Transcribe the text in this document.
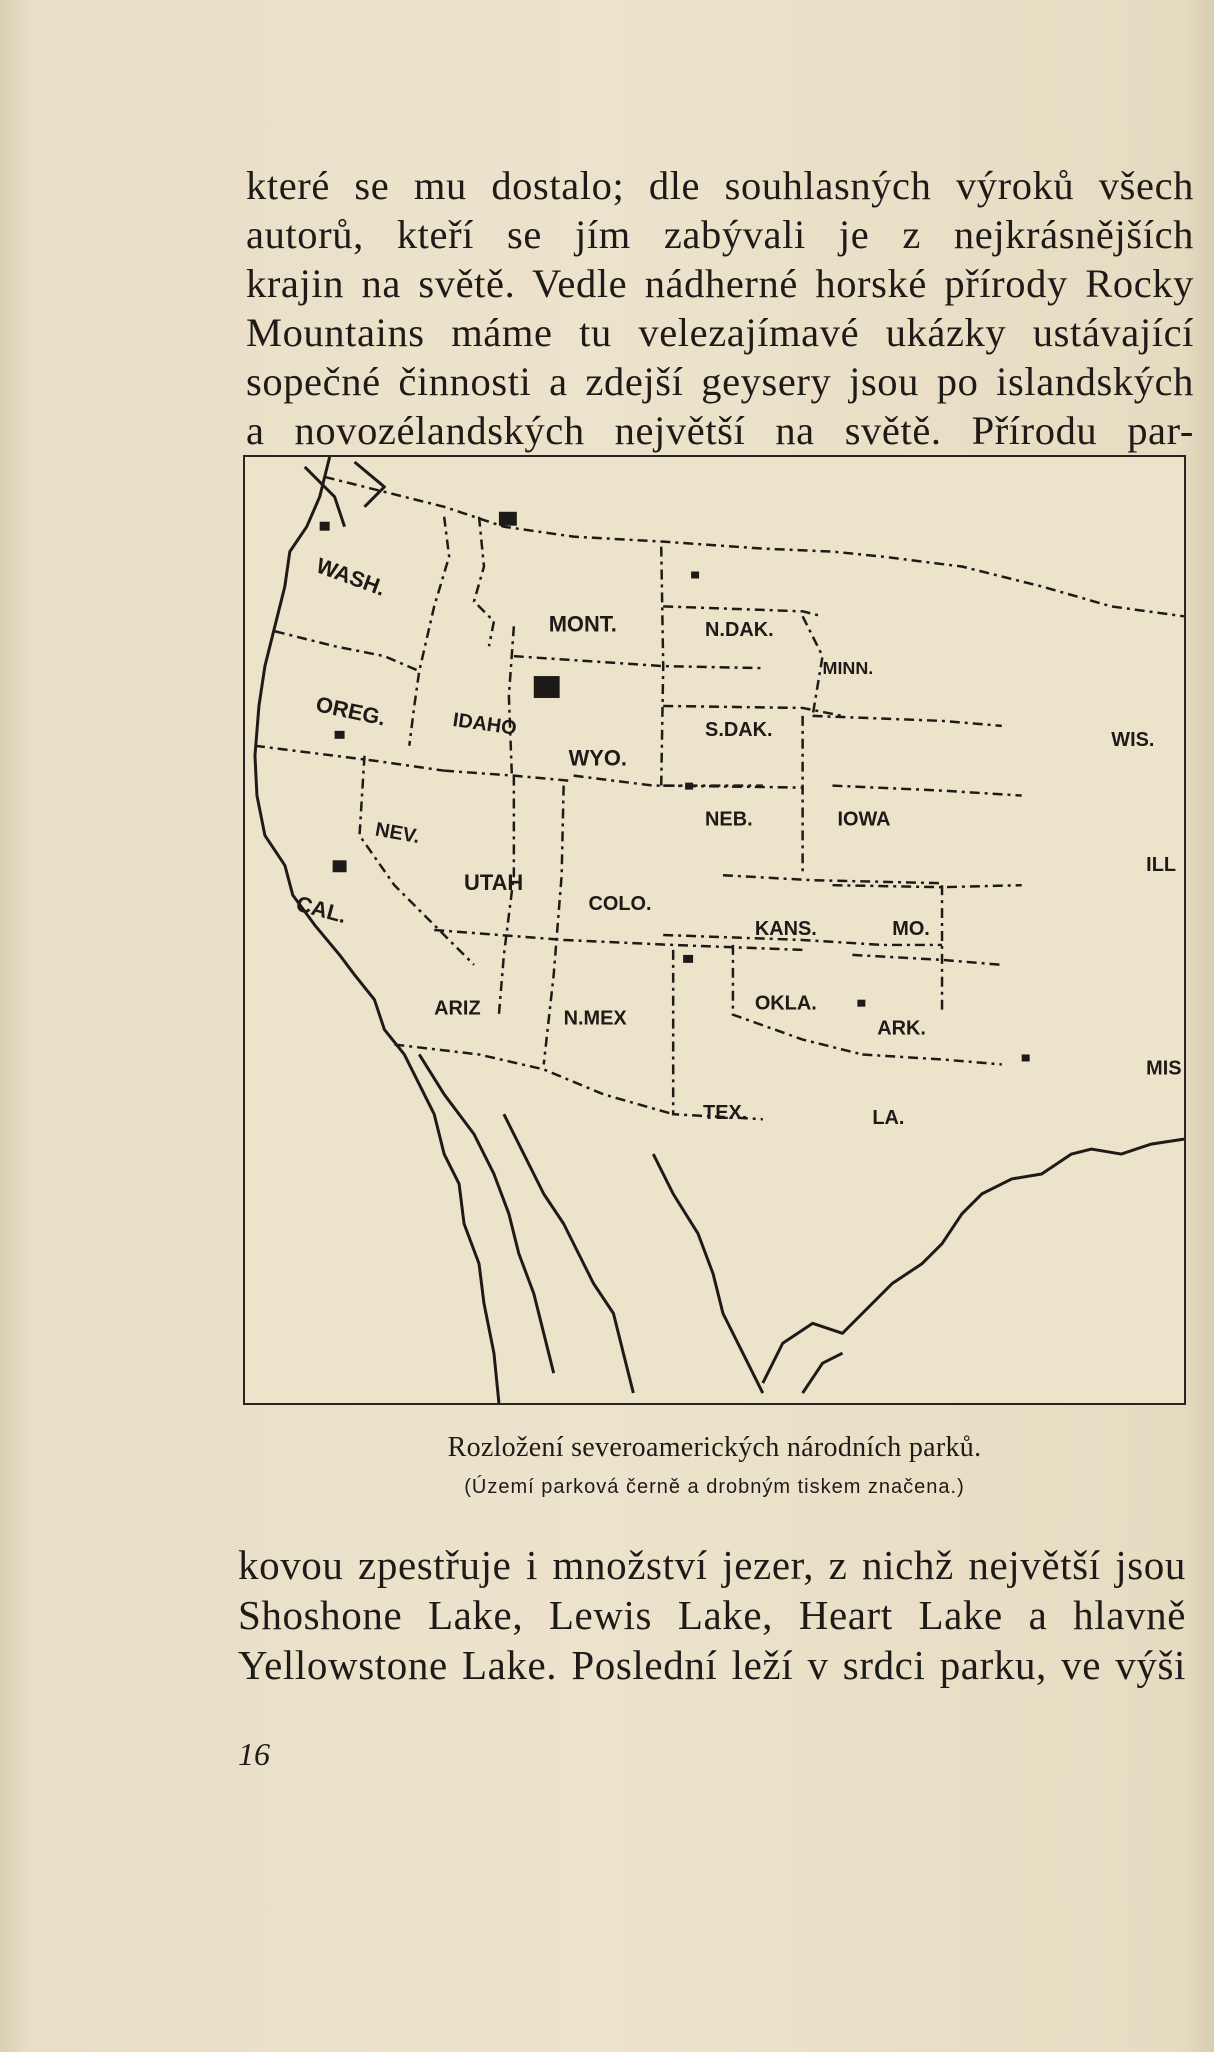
které se mu dostalo; dle souhlasných výroků všech
autorů, kteří se jím zabývali je z nejkrásnějších
krajin na světě. Vedle nádherné horské přírody Rocky
Mountains máme tu velezajímavé ukázky ustávající
sopečné činnosti a zdejší geysery jsou po islandských
a novozélandských největší na světě. Přírodu par-
WASH.
OREG.
CAL.
NEV.
IDAHO
MONT.
WYO.
UTAH
COLO.
ARIZ	N.MEX
N.DAK.
S.DAK.
NEB.
KANS.
OKLA.
TEX.
MINN.
IOWA
MO.
ARK.
LA.
WIS.
ILL
MIS

Rozložení severoamerických národních parků.

(Území parková černě a drobným tiskem značena.)

kovou zpestřuje i množství jezer, z nichž největší jsou
Shoshone Lake, Lewis Lake, Heart Lake a hlavně
Yellowstone Lake. Poslední leží v srdci parku, ve výši
16
